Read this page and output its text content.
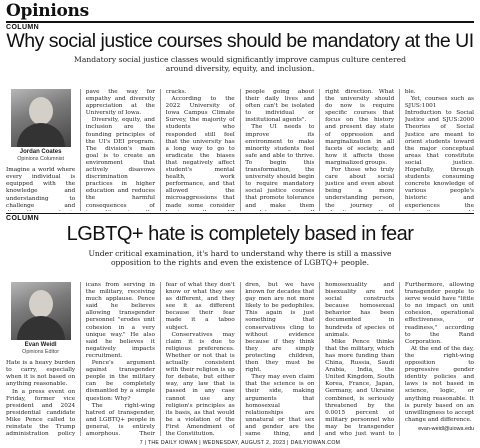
Opinions
COLUMN
Why social justice courses should be mandatory at the UI
Mandatory social justice classes would significantly improve campus culture centered around diversity, equity, and inclusion.
Jordan Coates
Opinions Columnist

Imagine a world where every individual is equipped with the knowledge and understanding to challenge and

pave the way for empathy and diversity appreciation at the University of Iowa.

Diversity, equity, and inclusion are the founding principles of the UI's DEI program. The division's main goal is to create an environment that actively disavows discrimination practices in higher education and reduces the harmful consequences of

cracks.

According to the 2022 University of Iowa Campus Climate Survey, the majority of students who responded still feel that the university has a long way to go to eradicate the biases that negatively affect student's mental health, work performance, and that allowed the microaggressions that made some consider

people going about their daily lives and often can't be isolated to individual or institutional agents".

The UI needs to improve its environment to make minority students feel safe and able to thrive. To begin this transformation, the university should begin to require mandatory social justice courses that promote tolerance and make them

right direction. What the university should do now is require specific courses that focus on the history and present day state of oppression and marginalization in all facets of society, and how it affects those marginalized groups.

For those who truly care about social justice and even about being a more understanding person, the journey of

ble.

Yet, courses such as SJUS:1001 Introduction to Social Justice and SJUS:2000 Theories of Social Justice are meant to orient students toward the major conceptual areas that constitute social justice. Hopefully, through students consuming concrete knowledge of various people's historic and experiences the

COLUMN
LGBTQ+ hate is completely based in fear
Under critical examination, it's hard to understand why there is still a massive opposition to the rights and even the existence of LGBTQ+ people.
Evan Weidl
Opinions Editor

Hate is a heavy burden to carry, especially when it is not based on anything reasonable.

In a press event on Friday, former vice president and 2024 presidential candidate Mike Pence called to reinstate the Trump administration policy

icans from serving in the military, receiving much applause. Pence said he believes allowing transgender personnel "erodes unit cohesion in a very unique way." He also said he believes it negatively impacts recruitment.

Pence's argument against transgender people in the military can be completely dismantled by a simple question: Why?

The right-wing hatred of transgender, and LGBTQ+ people in general, is entirely amorphous. Their

fear of what they don't know or what they see as different, and they see it as different because their fear made it a taboo subject.

Conservatives may claim it is due to religious preferences. Whether or not that is actually consistent with their religion is up for debate, but either way, any law that is passed in any case cannot use any religion's principles as its basis, as that would be a violation of the First Amendment of the Constitution.

dren, but we have known for decades that gay men are not more likely to be pedophiles. This again is just something that conservatives cling to without evidence because if they think they are simply protecting children, then they must be right.

They may even claim that the science is on their side, making arguments that homosexual relationships are unnatural or that sex and gender are the same thing, and

homosexuality and bisexuality are not social constructs because homosexual behavior has been documented in hundreds of species of animals.

Mike Pence thinks that the military, which has more funding than China, Russia, Saudi Arabia, India, the United Kingdom, South Korea, France, Japan, Germany, and Ukraine combined, is seriously threatened by the 0.0015 percent of military personnel who may be transgender and who just want to

Furthermore, allowing transgender people to serve would have "little to no impact on unit cohesion, operational effectiveness, or readiness," according to the Rand Corporation.

At the end of the day, the right-wing opposition to progressive gender identity policies and laws is not based in science, logic, or anything reasonable. It is purely based on an unwillingness to accept change and difference.

evan-weidl@uiowa.edu
7 | THE DAILY IOWAN | WEDNESDAY, AUGUST 2, 2023 | DAILYIOWAN.COM
